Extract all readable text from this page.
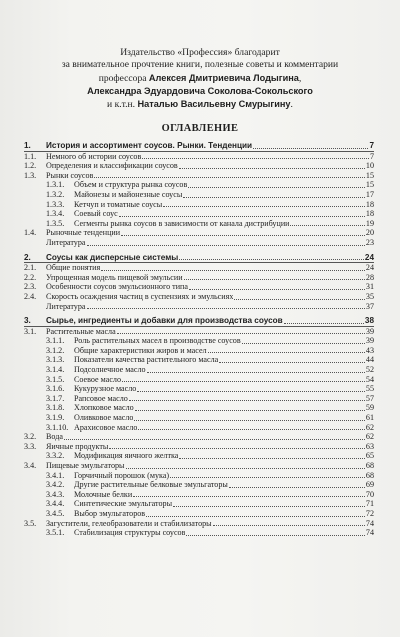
Издательство «Профессия» благодарит
за внимательное прочтение книги, полезные советы и комментарии
профессора Алексея Дмитриевича Лодыгина,
Александра Эдуардовича Соколова-Сокольского
и к.т.н. Наталью Васильевну Смурыгину.
ОГЛАВЛЕНИЕ
1.	История и ассортимент соусов. Рынки. Тенденции	7
1.1.	Немного об истории соусов	7
1.2.	Определения и классификации соусов	10
1.3.	Рынки соусов	15
1.3.1.	Объем и структура рынка соусов	15
1.3.2.	Майонезы и майонезные соусы	17
1.3.3.	Кетчуп и томатные соусы	18
1.3.4.	Соевый соус	18
1.3.5.	Сегменты рынка соусов в зависимости от канала дистрибуции	19
1.4.	Рыночные тенденции	20
Литература	23
2.	Соусы как дисперсные системы	24
2.1.	Общие понятия	24
2.2.	Упрощенная модель пищевой эмульсии	28
2.3.	Особенности соусов эмульсионного типа	31
2.4.	Скорость осаждения частиц в суспензиях и эмульсиях	35
Литература	37
3.	Сырье, ингредиенты и добавки для производства соусов	38
3.1.	Растительные масла	39
3.1.1.	Роль растительных масел в производстве соусов	39
3.1.2.	Общие характеристики жиров и масел	43
3.1.3.	Показатели качества растительного масла	44
3.1.4.	Подсолнечное масло	52
3.1.5.	Соевое масло	54
3.1.6.	Кукурузное масло	55
3.1.7.	Рапсовое масло	57
3.1.8.	Хлопковое масло	59
3.1.9.	Оливковое масло	61
3.1.10. Арахисовое масло	62
3.2.	Вода	62
3.3.	Яичные продукты	63
3.3.2.	Модификация яичного желтка	65
3.4.	Пищевые эмульгаторы	68
3.4.1.	Горчичный порошок (мука)	68
3.4.2.	Другие растительные белковые эмульгаторы	69
3.4.3.	Молочные белки	70
3.4.4.	Синтетические эмульгаторы	71
3.4.5.	Выбор эмульгаторов	72
3.5.	Загустители, гелеобразователи и стабилизаторы	74
3.5.1.	Стабилизация структуры соусов	74
